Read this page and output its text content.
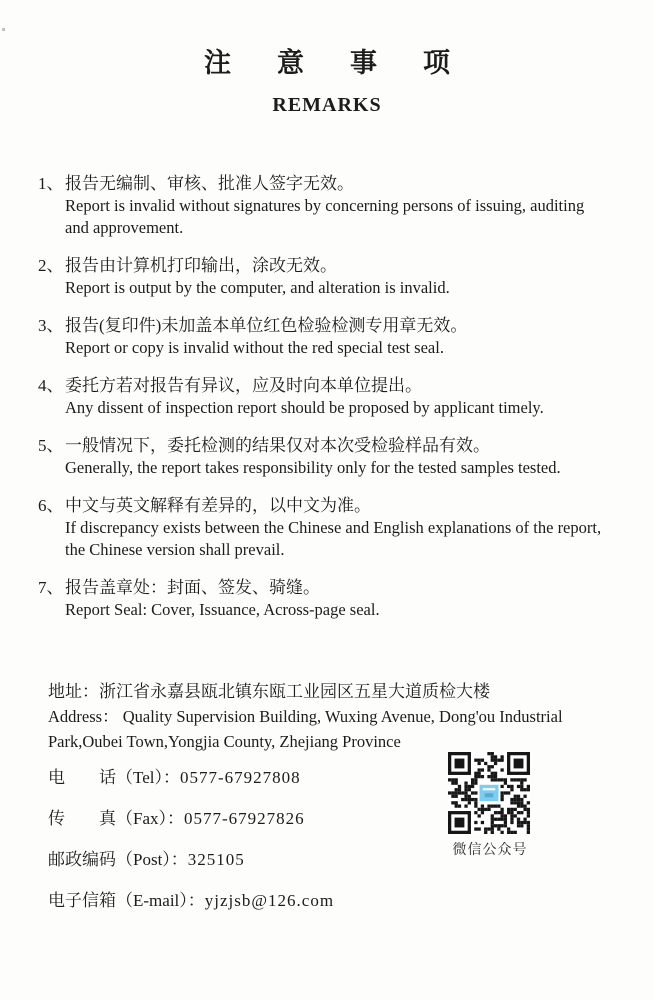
注意事项
REMARKS
1、 报告无编制、审核、批准人签字无效。
Report is invalid without signatures by concerning persons of issuing, auditing and approvement.
2、 报告由计算机打印输出，涂改无效。
Report is output by the computer, and alteration is invalid.
3、 报告(复印件)未加盖本单位红色检验检测专用章无效。
Report or copy is invalid without the red special test seal.
4、 委托方若对报告有异议，应及时向本单位提出。
Any dissent of inspection report should be proposed by applicant timely.
5、 一般情况下，委托检测的结果仅对本次受检验样品有效。
Generally, the report takes responsibility only for the tested samples tested.
6、 中文与英文解释有差异的，以中文为准。
If discrepancy exists between the Chinese and English explanations of the report, the Chinese version shall prevail.
7、 报告盖章处：封面、签发、骑缝。
Report Seal: Cover, Issuance, Across-page seal.
地址：浙江省永嘉县瓯北镇东瓯工业园区五星大道质检大楼
Address： Quality Supervision Building, Wuxing Avenue, Dong'ou Industrial Park,Oubei Town,Yongjia County, Zhejiang Province
电　　话（Tel）：0577-67927808
传　　真（Fax）：0577-67927826
邮政编码（Post）：325105
电子信箱（E-mail）：yjzjsb@126.com
微信公众号
